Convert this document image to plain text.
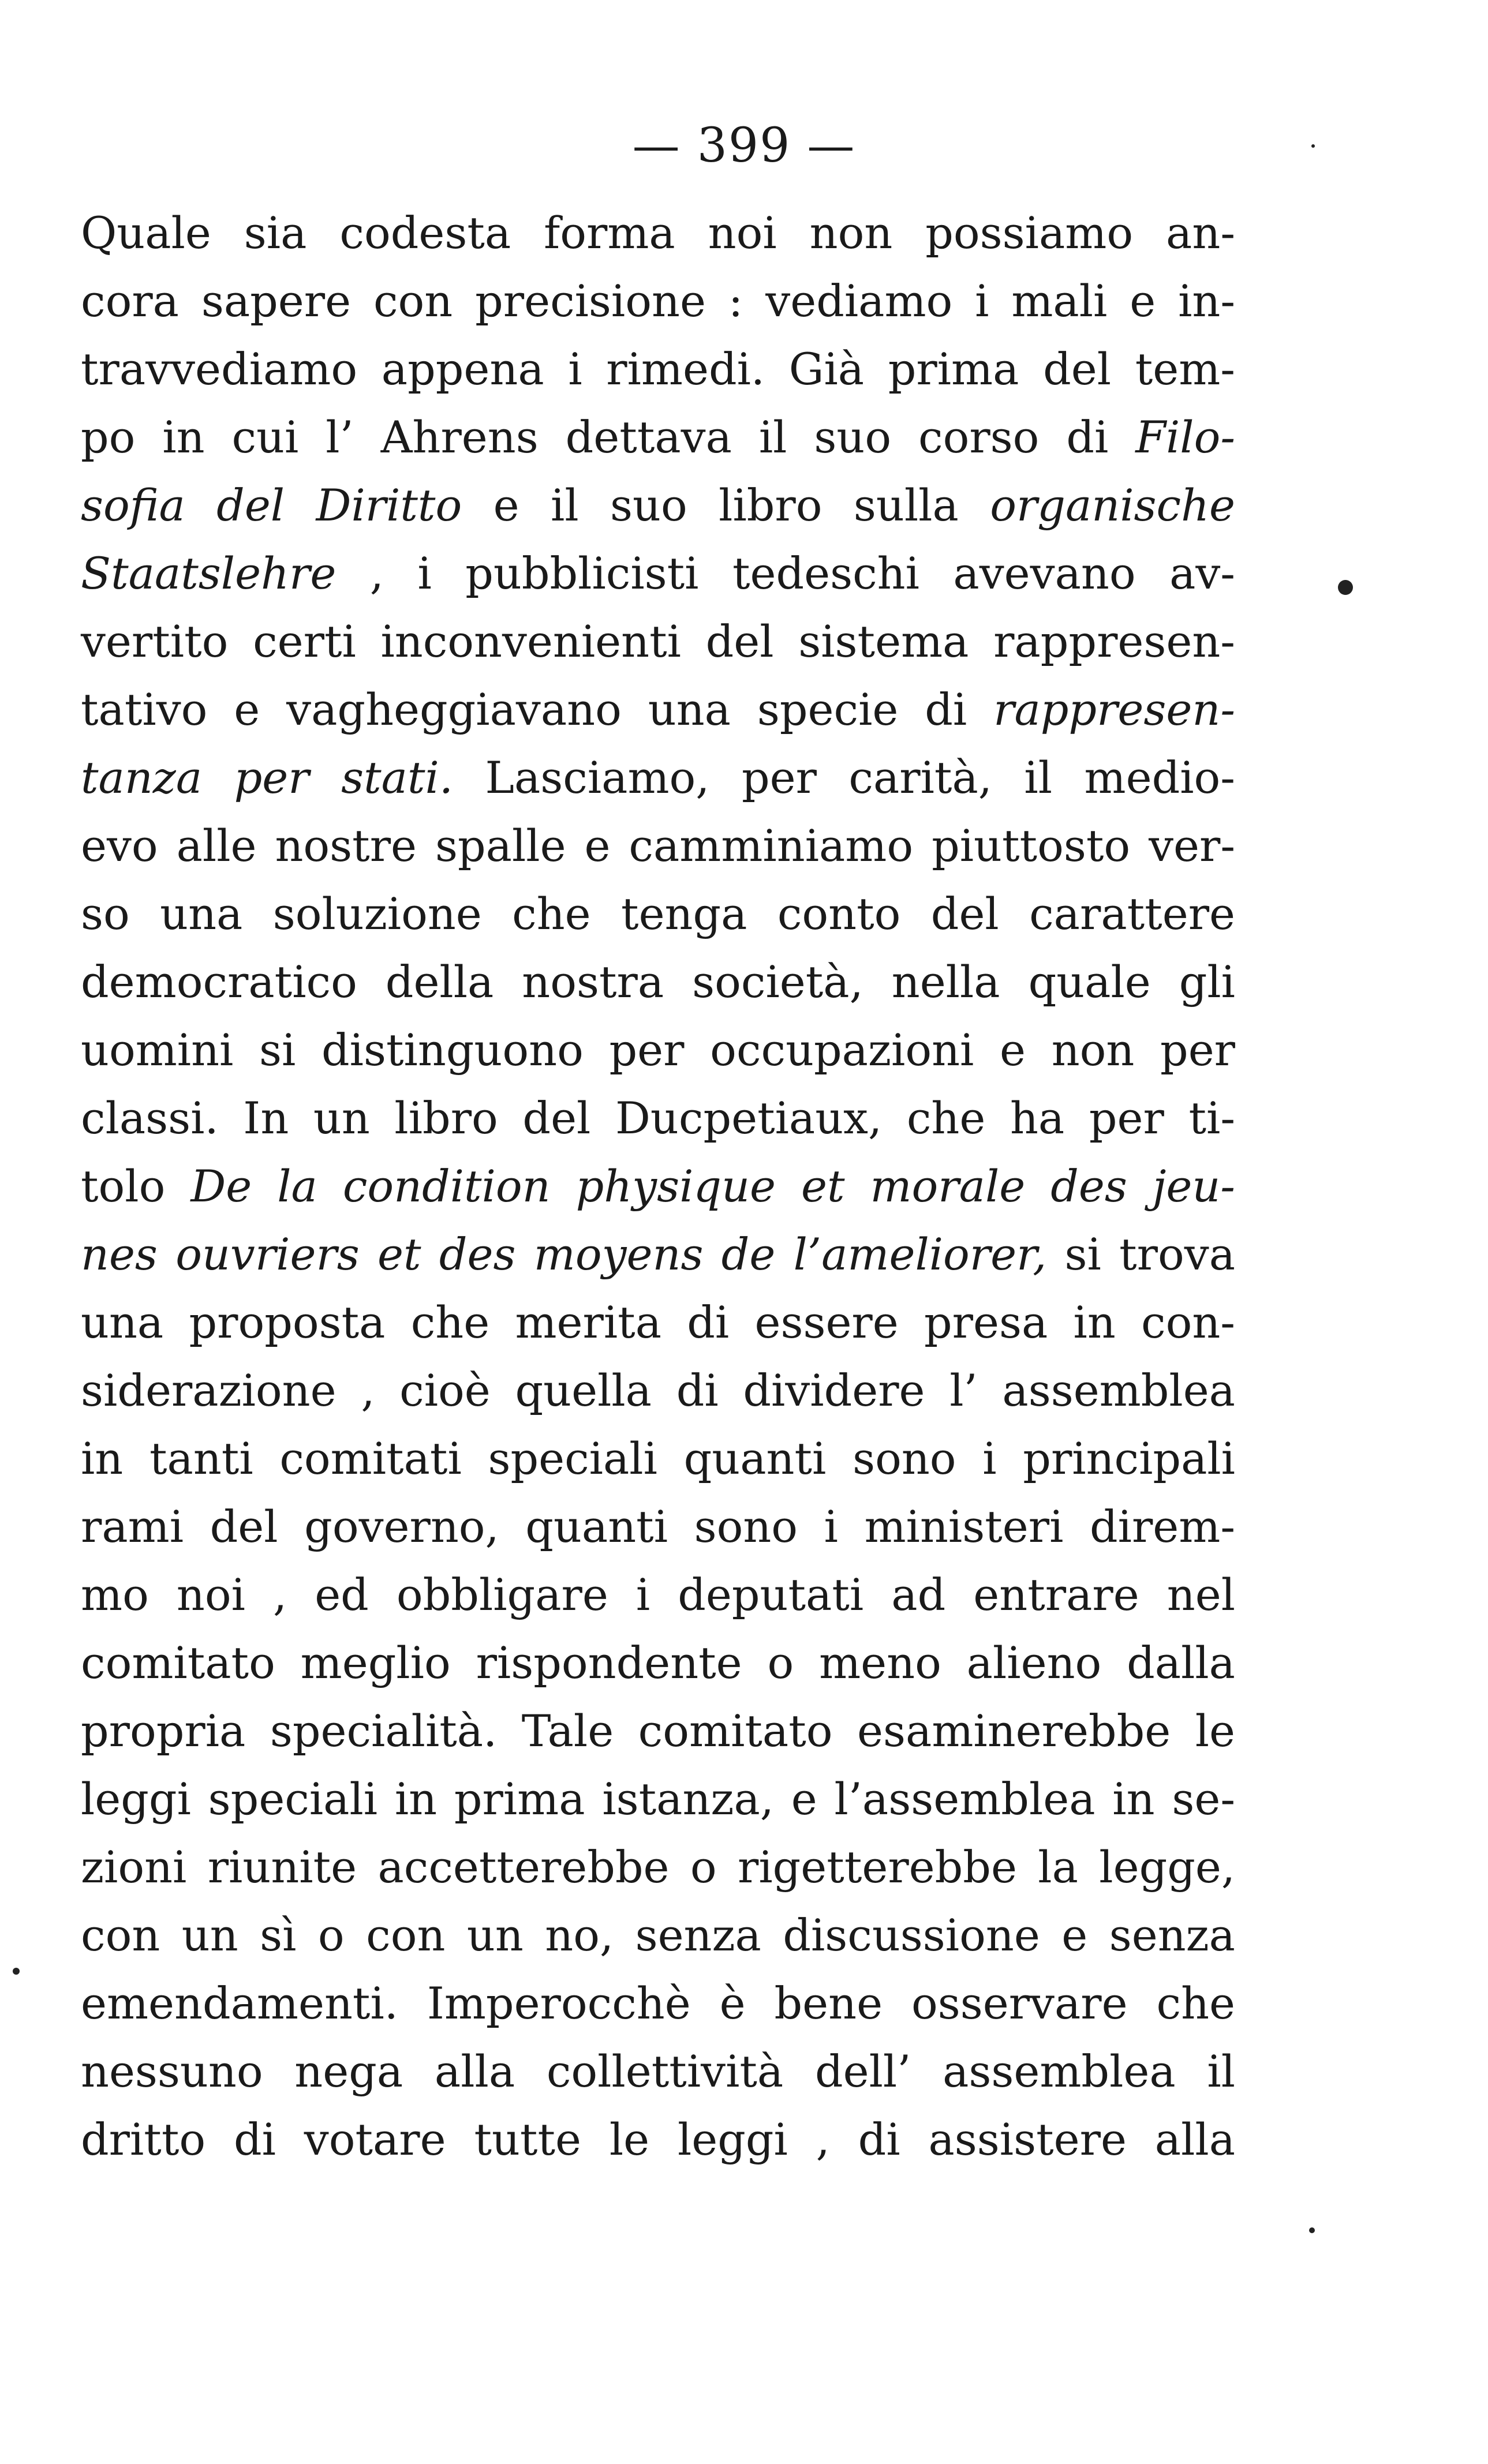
— 399 —
Quale sia codesta forma noi non possiamo an-
cora sapere con precisione : vediamo i mali e in-
travvediamo appena i rimedi. Già prima del tem-
po in cui l’ Ahrens dettava il suo corso di Filo-
sofia del Diritto e il suo libro sulla organische
Staatslehre , i pubblicisti tedeschi avevano av-
vertito certi inconvenienti del sistema rappresen-
tativo e vagheggiavano una specie di rappresen-
tanza per stati. Lasciamo, per carità, il medio-
evo alle nostre spalle e camminiamo piuttosto ver-
so una soluzione che tenga conto del carattere
democratico della nostra società, nella quale gli
uomini si distinguono per occupazioni e non per
classi. In un libro del Ducpetiaux, che ha per ti-
tolo De la condition physique et morale des jeu-
nes ouvriers et des moyens de l’ameliorer, si trova
una proposta che merita di essere presa in con-
siderazione , cioè quella di dividere l’ assemblea
in tanti comitati speciali quanti sono i principali
rami del governo, quanti sono i ministeri direm-
mo noi , ed obbligare i deputati ad entrare nel
comitato meglio rispondente o meno alieno dalla
propria specialità. Tale comitato esaminerebbe le
leggi speciali in prima istanza, e l’assemblea in se-
zioni riunite accetterebbe o rigetterebbe la legge,
con un sì o con un no, senza discussione e senza
emendamenti. Imperocchè è bene osservare che
nessuno nega alla collettività dell’ assemblea il
dritto di votare tutte le leggi , di assistere alla
